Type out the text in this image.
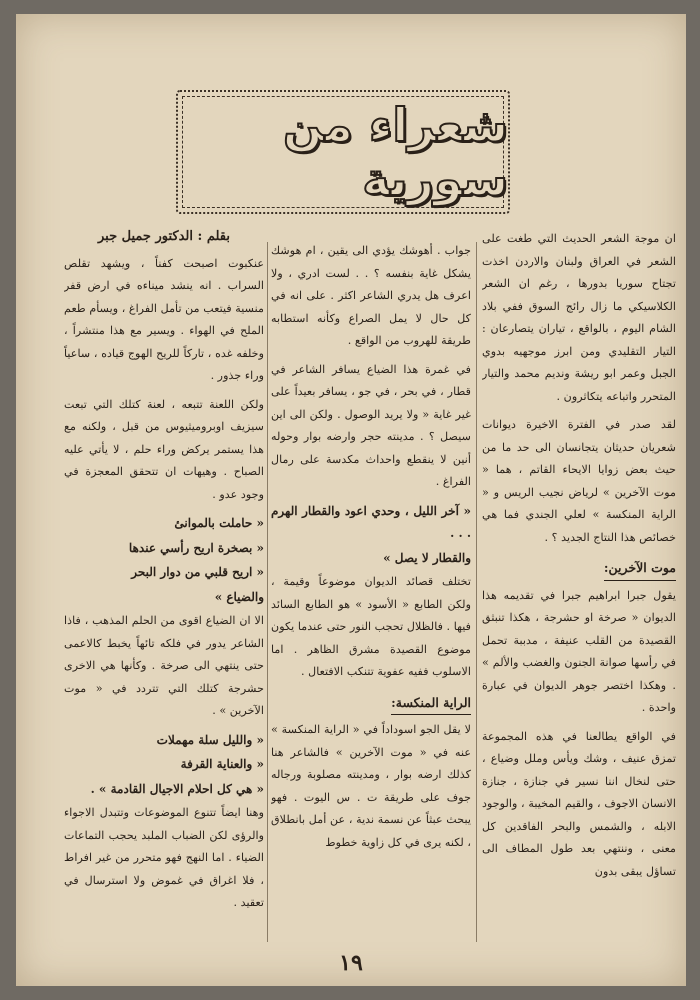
شعراء من سورية

ان موجة الشعر الحديث التي طغت على الشعر في العراق ولبنان والاردن اخذت تجتاح سوريا بدورها ، رغم ان الشعر الكلاسيكي ما زال رائج السوق ففي بلاد الشام اليوم ، بالواقع ، تياران يتصارعان : التيار التقليدي ومن ابرز موجهيه بدوي الجبل وعمر ابو ريشة وندیم محمد والتيار المتحرر واتباعه يتكاثرون .

لقد صدر في الفترة الاخيرة ديوانات شعريان حديثان يتجانسان الى حد ما من حيث بعض زوايا الايحاء القاتم ، هما « موت الآخرين » لرياض نجيب الريس و « الراية المنكسة » لعلي الجندي فما هي خصائص هذا النتاج الجديد ؟ .

موت الآخرين:

يقول جبرا ابراهيم جبرا في تقديمه هذا الديوان « صرخة او حشرجة ، هكذا تنبثق القصيدة من القلب عنيفة ، مدببة تحمل في رأسها صوانة الجنون والغضب والألم » . وهكذا اختصر جوهر الديوان في عبارة واحدة .

في الواقع يطالعنا في هذه المجموعة تمزق عنيف ، وشك ويأس وملل وضياع ، حتى لنخال اننا نسير في جنازة ، جنازة الانسان الاجوف ، والقيم المخيبة ، والوجود الابله ، والشمس والبحر الفاقدين كل معنى ، وننتهي بعد طول المطاف الى تساؤل يبقى بدون

جواب . أهوشك يؤدي الى يقين ، ام هوشك يشكل غاية بنفسه ؟ . . لست ادري ، ولا اعرف هل يدري الشاعر اكثر . على انه في كل حال لا يمل الصراع وكأنه استطابه طريقة للهروب من الواقع .

في غمرة هذا الضياع يسافر الشاعر في قطار ، في بحر ، في جو ، يسافر بعيداً على غير غاية « ولا يريد الوصول . ولكن الى اين سيصل ؟ . مدينته حجر وارضه بوار وحوله أنين لا ينقطع واحداث مكدسة على رمال الفراغ .

« آخر الليل ، وحدي اعود والقطار الهرم . . .
والقطار لا يصل »

تختلف قصائد الديوان موضوعاً وقيمة ، ولكن الطابع « الأسود » هو الطابع السائد فيها . فالظلال تحجب النور حتى عندما يكون موضوع القصيدة مشرق الظاهر . اما الاسلوب ففيه عفوية تتنكب الافتعال .

الراية المنكسة:

لا يقل الجو اسوداداً في « الراية المنكسة » عنه في « موت الآخرين » فالشاعر هنا كذلك ارضه بوار ، ومدينته مصلوبة ورجاله جوف على طريقة ت . س اليوت . فهو يبحث عبثاً عن نسمة ندية ، عن أمل بانطلاق ، لكنه يرى في كل زاوية خطوط

بقلم : الدكتور جميل جبر

عنكبوت اصبحت كفناً ، ويشهد تقلص السراب . انه ينشد ميناءه في ارض قفر منسية فيتعب من تأمل الفراغ ، ويسأم طعم الملح في الهواء . ويسير مع هذا منتشراً ، وخلفه غده ، تاركاً للريح الهوج قياده ، ساعياً وراء جذور .

ولكن اللعنة تتبعه ، لعنة كتلك التي تبعت سيزيف اوبروميثيوس من قبل ، ولكنه مع هذا يستمر يركض وراء حلم ، لا يأتي عليه الصباح . وهيهات ان تتحقق المعجزة في وجود عدو .

« حاملت بالموانئ
« بصخرة اريح رأسي عندها
« اريح قلبي من دوار البحر
والضياع »

الا ان الضياع اقوى من الحلم المذهب ، فاذا الشاعر يدور في فلكه تائهاً يخبط كالاعمى حتى ينتهي الى صرخة . وكأنها هي الاخرى حشرجة كتلك التي تتردد في « موت الآخرين » .

« والليل سلة مهملات
« والعناية القرفة
« هي كل احلام الاجيال القادمة » .

وهنا ايضاً تتنوع الموضوعات وتتبدل الاجواء والرؤى لكن الضباب الملبد يحجب التماعات الضياء . اما النهج فهو متحرر من غير افراط ، فلا اغراق في غموض ولا استرسال في تعقيد .

١٩
